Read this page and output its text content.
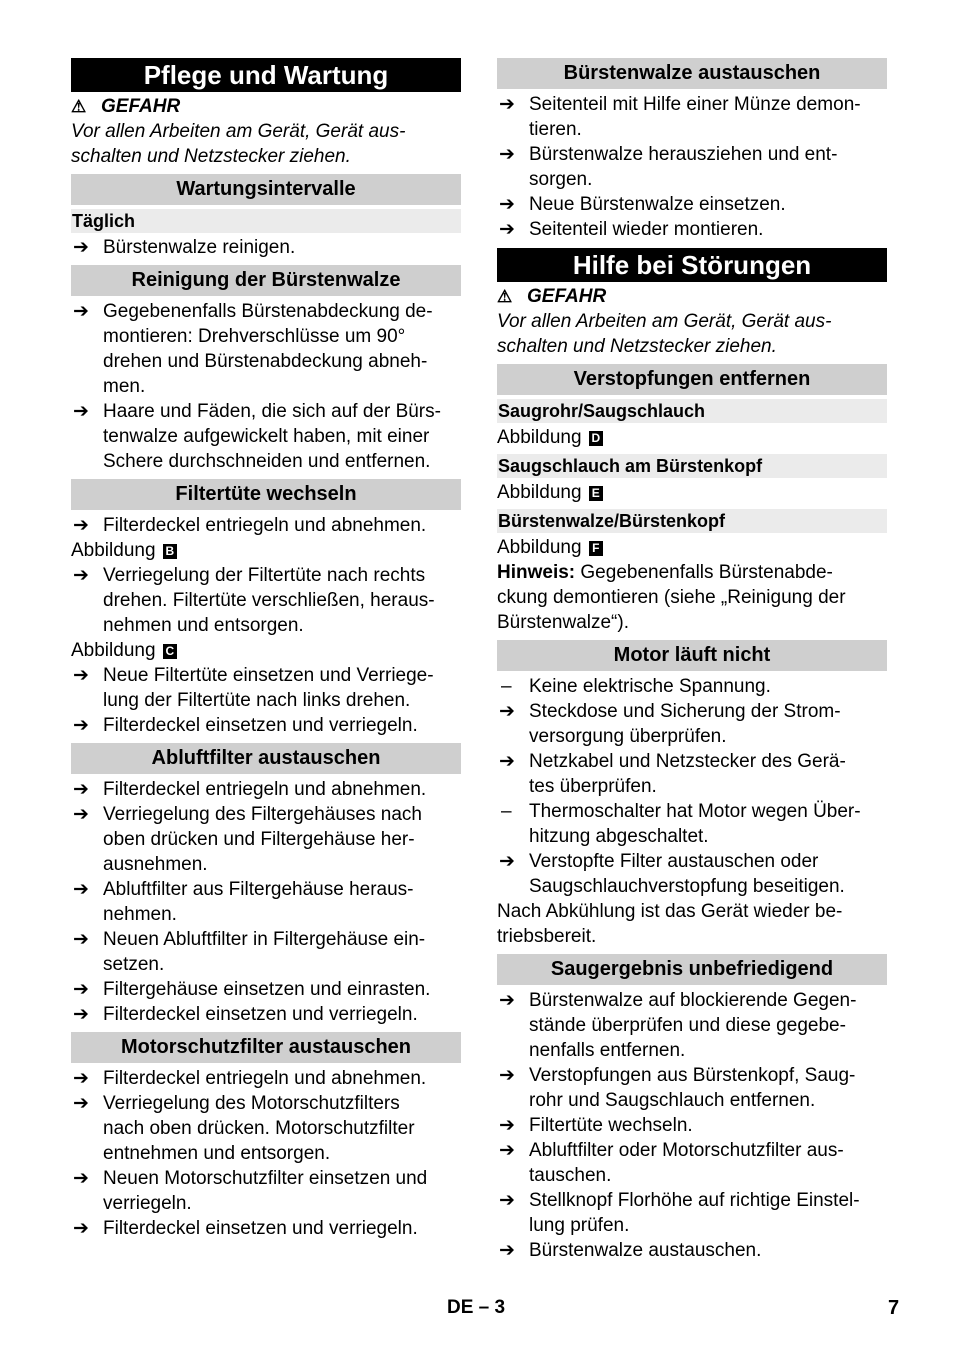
Pflege und Wartung
⚠ GEFAHR
Vor allen Arbeiten am Gerät, Gerät aus-
schalten und Netzstecker ziehen.
Wartungsintervalle
Täglich
➔ Bürstenwalze reinigen.
Reinigung der Bürstenwalze
➔ Gegebenenfalls Bürstenabdeckung de-
montieren: Drehverschlüsse um 90°
drehen und Bürstenabdeckung abneh-
men.
➔ Haare und Fäden, die sich auf der Bürs-
tenwalze aufgewickelt haben, mit einer
Schere durchschneiden und entfernen.
Filtertüte wechseln
➔ Filterdeckel entriegeln und abnehmen.
Abbildung B
➔ Verriegelung der Filtertüte nach rechts
drehen. Filtertüte verschließen, heraus-
nehmen und entsorgen.
Abbildung C
➔ Neue Filtertüte einsetzen und Verriege-
lung der Filtertüte nach links drehen.
➔ Filterdeckel einsetzen und verriegeln.
Abluftfilter austauschen
➔ Filterdeckel entriegeln und abnehmen.
➔ Verriegelung des Filtergehäuses nach
oben drücken und Filtergehäuse her-
ausnehmen.
➔ Abluftfilter aus Filtergehäuse heraus-
nehmen.
➔ Neuen Abluftfilter in Filtergehäuse ein-
setzen.
➔ Filtergehäuse einsetzen und einrasten.
➔ Filterdeckel einsetzen und verriegeln.
Motorschutzfilter austauschen
➔ Filterdeckel entriegeln und abnehmen.
➔ Verriegelung des Motorschutzfilters
nach oben drücken. Motorschutzfilter
entnehmen und entsorgen.
➔ Neuen Motorschutzfilter einsetzen und
verriegeln.
➔ Filterdeckel einsetzen und verriegeln.
Bürstenwalze austauschen
➔ Seitenteil mit Hilfe einer Münze demon-
tieren.
➔ Bürstenwalze herausziehen und ent-
sorgen.
➔ Neue Bürstenwalze einsetzen.
➔ Seitenteil wieder montieren.
Hilfe bei Störungen
⚠ GEFAHR
Vor allen Arbeiten am Gerät, Gerät aus-
schalten und Netzstecker ziehen.
Verstopfungen entfernen
Saugrohr/Saugschlauch
Abbildung D
Saugschlauch am Bürstenkopf
Abbildung E
Bürstenwalze/Bürstenkopf
Abbildung F
Hinweis: Gegebenenfalls Bürstenabde-
ckung demontieren (siehe „Reinigung der
Bürstenwalze“).
Motor läuft nicht
– Keine elektrische Spannung.
➔ Steckdose und Sicherung der Strom-
versorgung überprüfen.
➔ Netzkabel und Netzstecker des Gerä-
tes überprüfen.
– Thermoschalter hat Motor wegen Über-
hitzung abgeschaltet.
➔ Verstopfte Filter austauschen oder
Saugschlauchverstopfung beseitigen.
Nach Abkühlung ist das Gerät wieder be-
triebsbereit.
Saugergebnis unbefriedigend
➔ Bürstenwalze auf blockierende Gegen-
stände überprüfen und diese gegebe-
nenfalls entfernen.
➔ Verstopfungen aus Bürstenkopf, Saug-
rohr und Saugschlauch entfernen.
➔ Filtertüte wechseln.
➔ Abluftfilter oder Motorschutzfilter aus-
tauschen.
➔ Stellknopf Florhöhe auf richtige Einstel-
lung prüfen.
➔ Bürstenwalze austauschen.
DE – 3	7
